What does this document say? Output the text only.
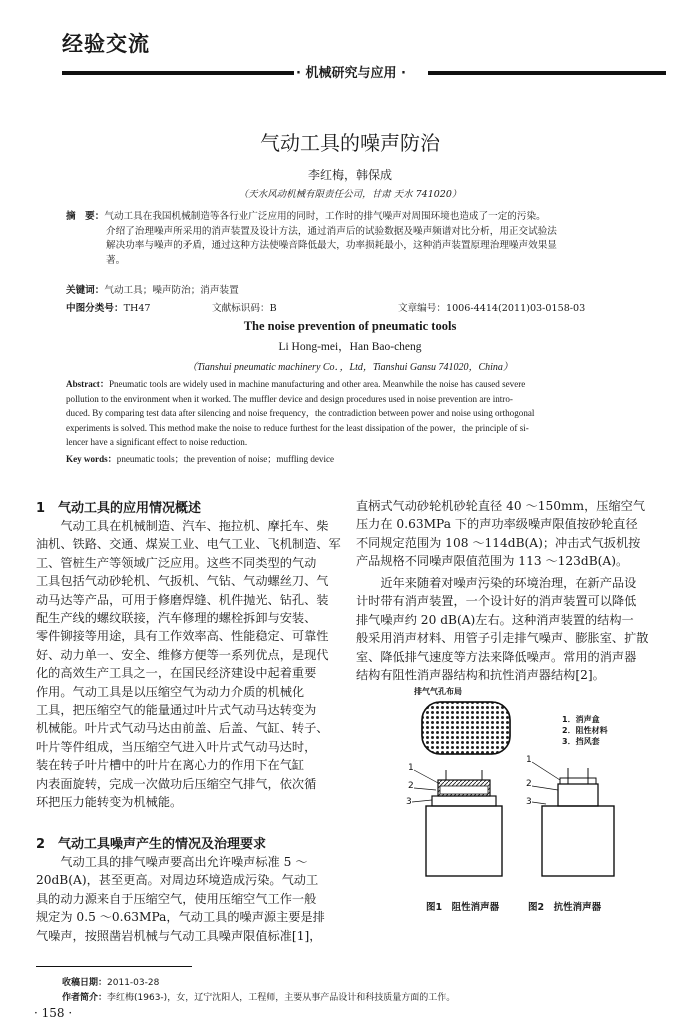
经验交流
· 机械研究与应用 ·
气动工具的噪声防治
李红梅，韩保成
（天水风动机械有限责任公司，甘肃 天水 741020）
摘　要：气动工具在我国机械制造等各行业广泛应用的同时，工作时的排气噪声对周围环境也造成了一定的污染。
介绍了治理噪声所采用的消声装置及设计方法，通过消声后的试验数据及噪声频谱对比分析，用正交试验法
解决功率与噪声的矛盾，通过这种方法使噪音降低最大，功率损耗最小，这种消声装置原理治理噪声效果显
著。
关键词：气动工具；噪声防治；消声装置
中图分类号：TH47	文献标识码：B	文章编号：1006-4414(2011)03-0158-03
The noise prevention of pneumatic tools
Li Hong-mei，Han Bao-cheng
（Tianshui pneumatic machinery Co．，Ltd，Tianshui Gansu 741020，China）
Abstract：Pneumatic tools are widely used in machine manufacturing and other area. Meanwhile the noise has caused severe
pollution to the environment when it worked. The muffler device and design procedures used in noise prevention are intro-
duced. By comparing test data after silencing and noise frequency，the contradiction between power and noise using orthogonal
experiments is solved. This method make the noise to reduce furthest for the least dissipation of the power，the principle of si-
lencer have a significant effect to noise reduction.
Key words：pneumatic tools；the prevention of noise；muffling device
1　气动工具的应用情况概述
　　气动工具在机械制造、汽车、拖拉机、摩托车、柴
油机、铁路、交通、煤炭工业、电气工业、飞机制造、军
工、管桩生产等领域广泛应用。这些不同类型的气动
工具包括气动砂轮机、气扳机、气钻、气动螺丝刀、气
动马达等产品，可用于修磨焊缝、机件抛光、钻孔、装
配生产线的螺纹联接，汽车修理的螺栓拆卸与安装、
零件铆接等用途，具有工作效率高、性能稳定、可靠性
好、动力单一、安全、维修方便等一系列优点，是现代
化的高效生产工具之一，在国民经济建设中起着重要
作用。气动工具是以压缩空气为动力介质的机械化
工具，把压缩空气的能量通过叶片式气动马达转变为
机械能。叶片式气动马达由前盖、后盖、气缸、转子、
叶片等件组成，当压缩空气进入叶片式气动马达时，
装在转子叶片槽中的叶片在离心力的作用下在气缸
内表面旋转，完成一次做功后压缩空气排气，依次循
环把压力能转变为机械能。
2　气动工具噪声产生的情况及治理要求
　　气动工具的排气噪声要高出允许噪声标准 5 ～
20dB(A)，甚至更高。对周边环境造成污染。气动工
具的动力源来自于压缩空气，使用压缩空气工作一般
规定为 0.5 ～0.63MPa，气动工具的噪声源主要是排
气噪声，按照凿岩机械与气动工具噪声限值标准[1]，
直柄式气动砂轮机砂轮直径 40 ～150mm，压缩空气
压力在 0.63MPa 下的声功率级噪声限值按砂轮直径
不同规定范围为 108 ～114dB(A)；冲击式气扳机按
产品规格不同噪声限值范围为 113 ～123dB(A)。
　　近年来随着对噪声污染的环境治理，在新产品设
计时带有消声装置，一个设计好的消声装置可以降低
排气噪声约 20 dB(A)左右。这种消声装置的结构一
般采用消声材料、用管子引走排气噪声、膨胀室、扩散
室、降低排气速度等方法来降低噪声。常用的消声器
结构有阻性消声器结构和抗性消声器结构[2]。
1
2
3
1
2
3
排气气孔布局
1．消声盒
2．阻性材料
3．挡风套
图1　阻性消声器	图2　抗性消声器
收稿日期：2011-03-28
作者简介：李红梅(1963-)，女，辽宁沈阳人，工程师，主要从事产品设计和科技质量方面的工作。
· 158 ·
